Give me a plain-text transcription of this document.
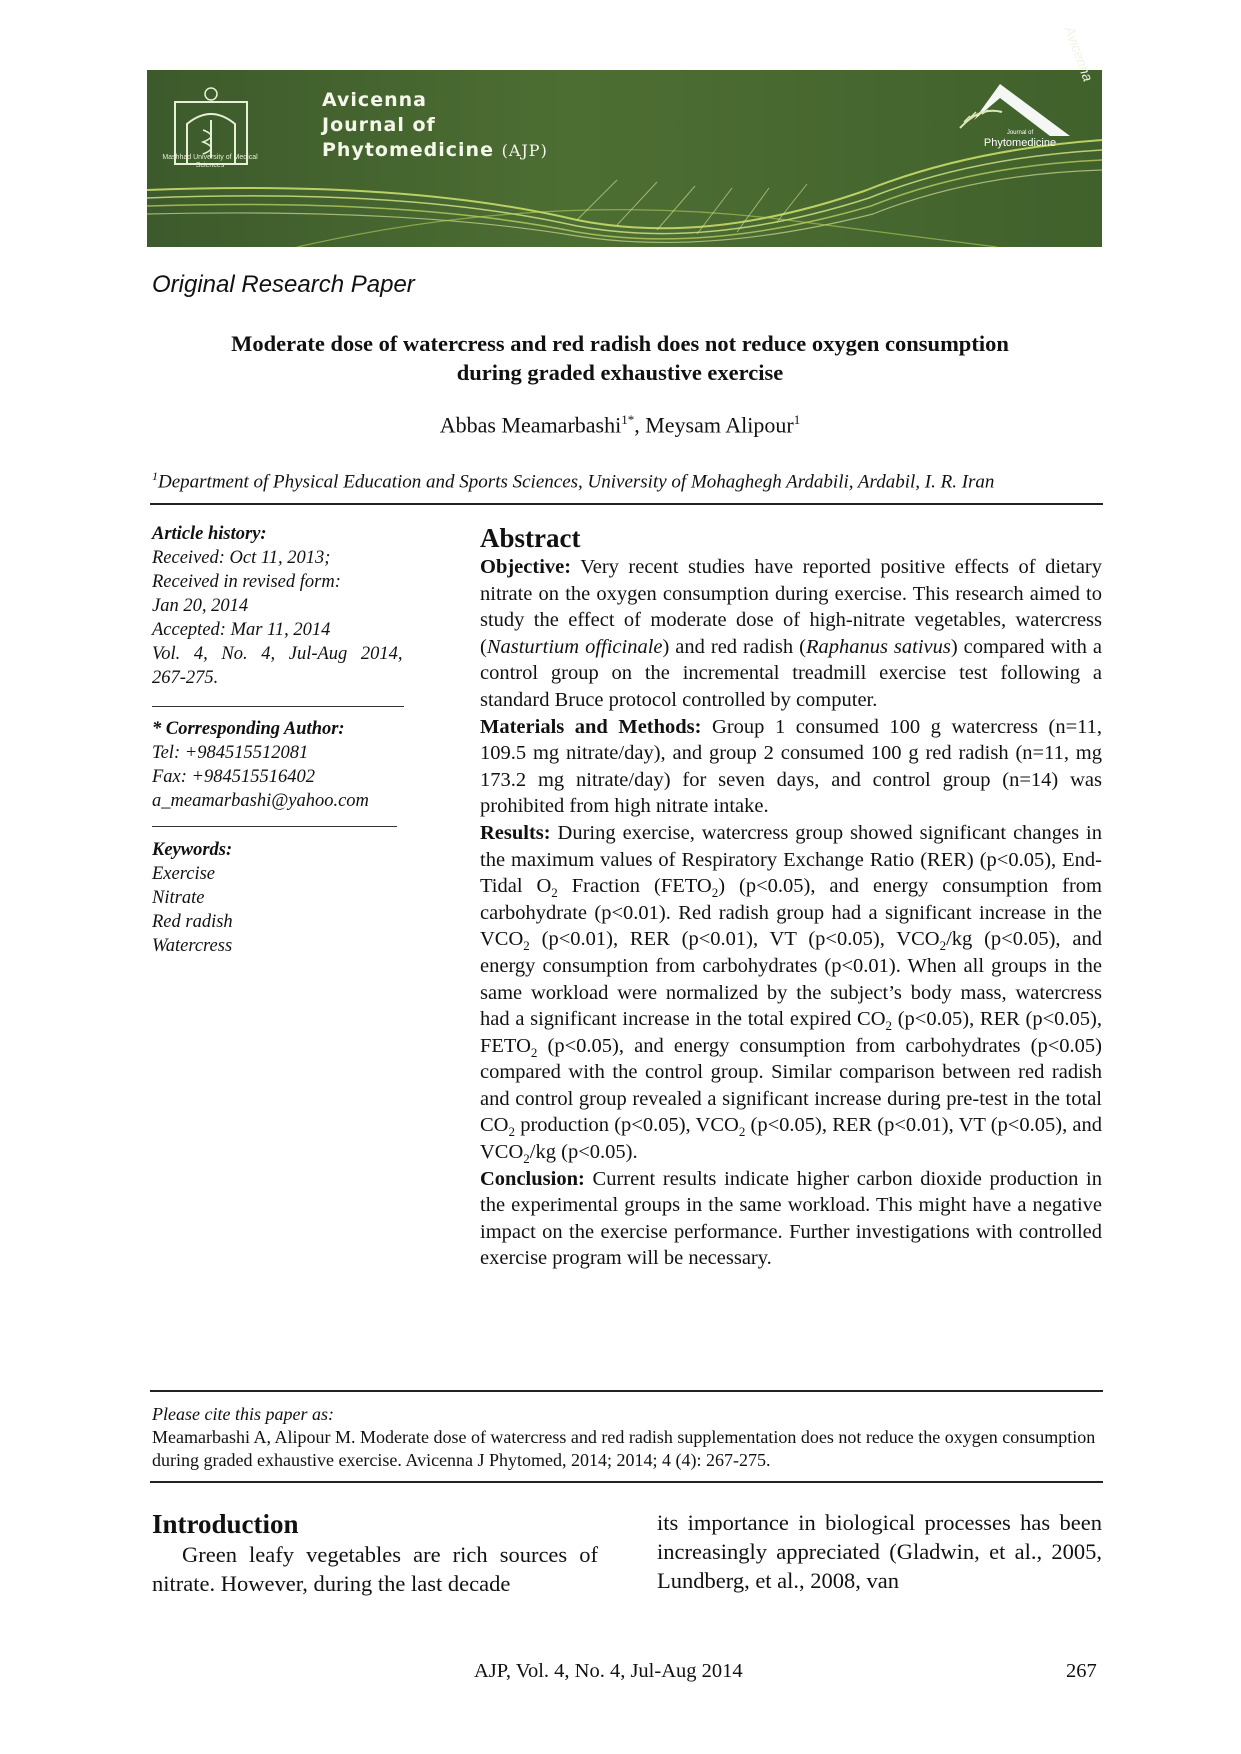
Mashhad University of Medical Sciences
Avicenna
Journal of
Phytomedicine (AJP)
Avicenna
Journal of
Phytomedicine
Original Research Paper
Moderate dose of watercress and red radish does not reduce oxygen consumption
during graded exhaustive exercise
Abbas Meamarbashi$^{1*}$, Meysam Alipour$^1$
$^1$Department of Physical Education and Sports Sciences, University of Mohaghegh Ardabili, Ardabil, I. R. Iran
Article history:
Received: Oct 11, 2013;
Received in revised form:
Jan 20, 2014
Accepted: Mar 11, 2014
Vol. 4, No. 4, Jul-Aug 2014,
267-275.
* Corresponding Author:
Tel: +984515512081
Fax: +984515516402
a_meamarbashi@yahoo.com
Keywords:
Exercise
Nitrate
Red radish
Watercress
Abstract

Objective: Very recent studies have reported positive effects of dietary nitrate on the oxygen consumption during exercise. This research aimed to study the effect of moderate dose of high-nitrate vegetables, watercress (Nasturtium officinale) and red radish (Raphanus sativus) compared with a control group on the incremental treadmill exercise test following a standard Bruce protocol controlled by computer.

Materials and Methods: Group 1 consumed 100 g watercress (n=11, 109.5 mg nitrate/day), and group 2 consumed 100 g red radish (n=11, mg 173.2 mg nitrate/day) for seven days, and control group (n=14) was prohibited from high nitrate intake.

Results: During exercise, watercress group showed significant changes in the maximum values of Respiratory Exchange Ratio (RER) (p<0.05), End-Tidal $O_2$ Fraction $(FETO_2)$ (p<0.05), and energy consumption from carbohydrate (p<0.01). Red radish group had a significant increase in the $VCO_2$ (p<0.01), RER (p<0.01), VT (p<0.05), $VCO_2/kg$ (p<0.05), and energy consumption from carbohydrates (p<0.01). When all groups in the same workload were normalized by the subject’s body mass, watercress had a significant increase in the total expired $CO_2$ (p<0.05), RER (p<0.05), $FETO_2$ (p<0.05), and energy consumption from carbohydrates (p<0.05) compared with the control group. Similar comparison between red radish and control group revealed a significant increase during pre-test in the total $CO_2$ production (p<0.05), $VCO_2$ (p<0.05), RER (p<0.01), VT (p<0.05), and $VCO_2/kg$ (p<0.05).

Conclusion: Current results indicate higher carbon dioxide production in the experimental groups in the same workload. This might have a negative impact on the exercise performance. Further investigations with controlled exercise program will be necessary.

Please cite this paper as:
Meamarbashi A, Alipour M. Moderate dose of watercress and red radish supplementation does not reduce the oxygen consumption during graded exhaustive exercise. Avicenna J Phytomed, 2014; 2014; 4 (4): 267-275.
Introduction

Green leafy vegetables are rich sources of nitrate. However, during the last decade

its importance in biological processes has been increasingly appreciated (Gladwin, et al., 2005, Lundberg, et al., 2008, van

AJP, Vol. 4, No. 4, Jul-Aug 2014	267
